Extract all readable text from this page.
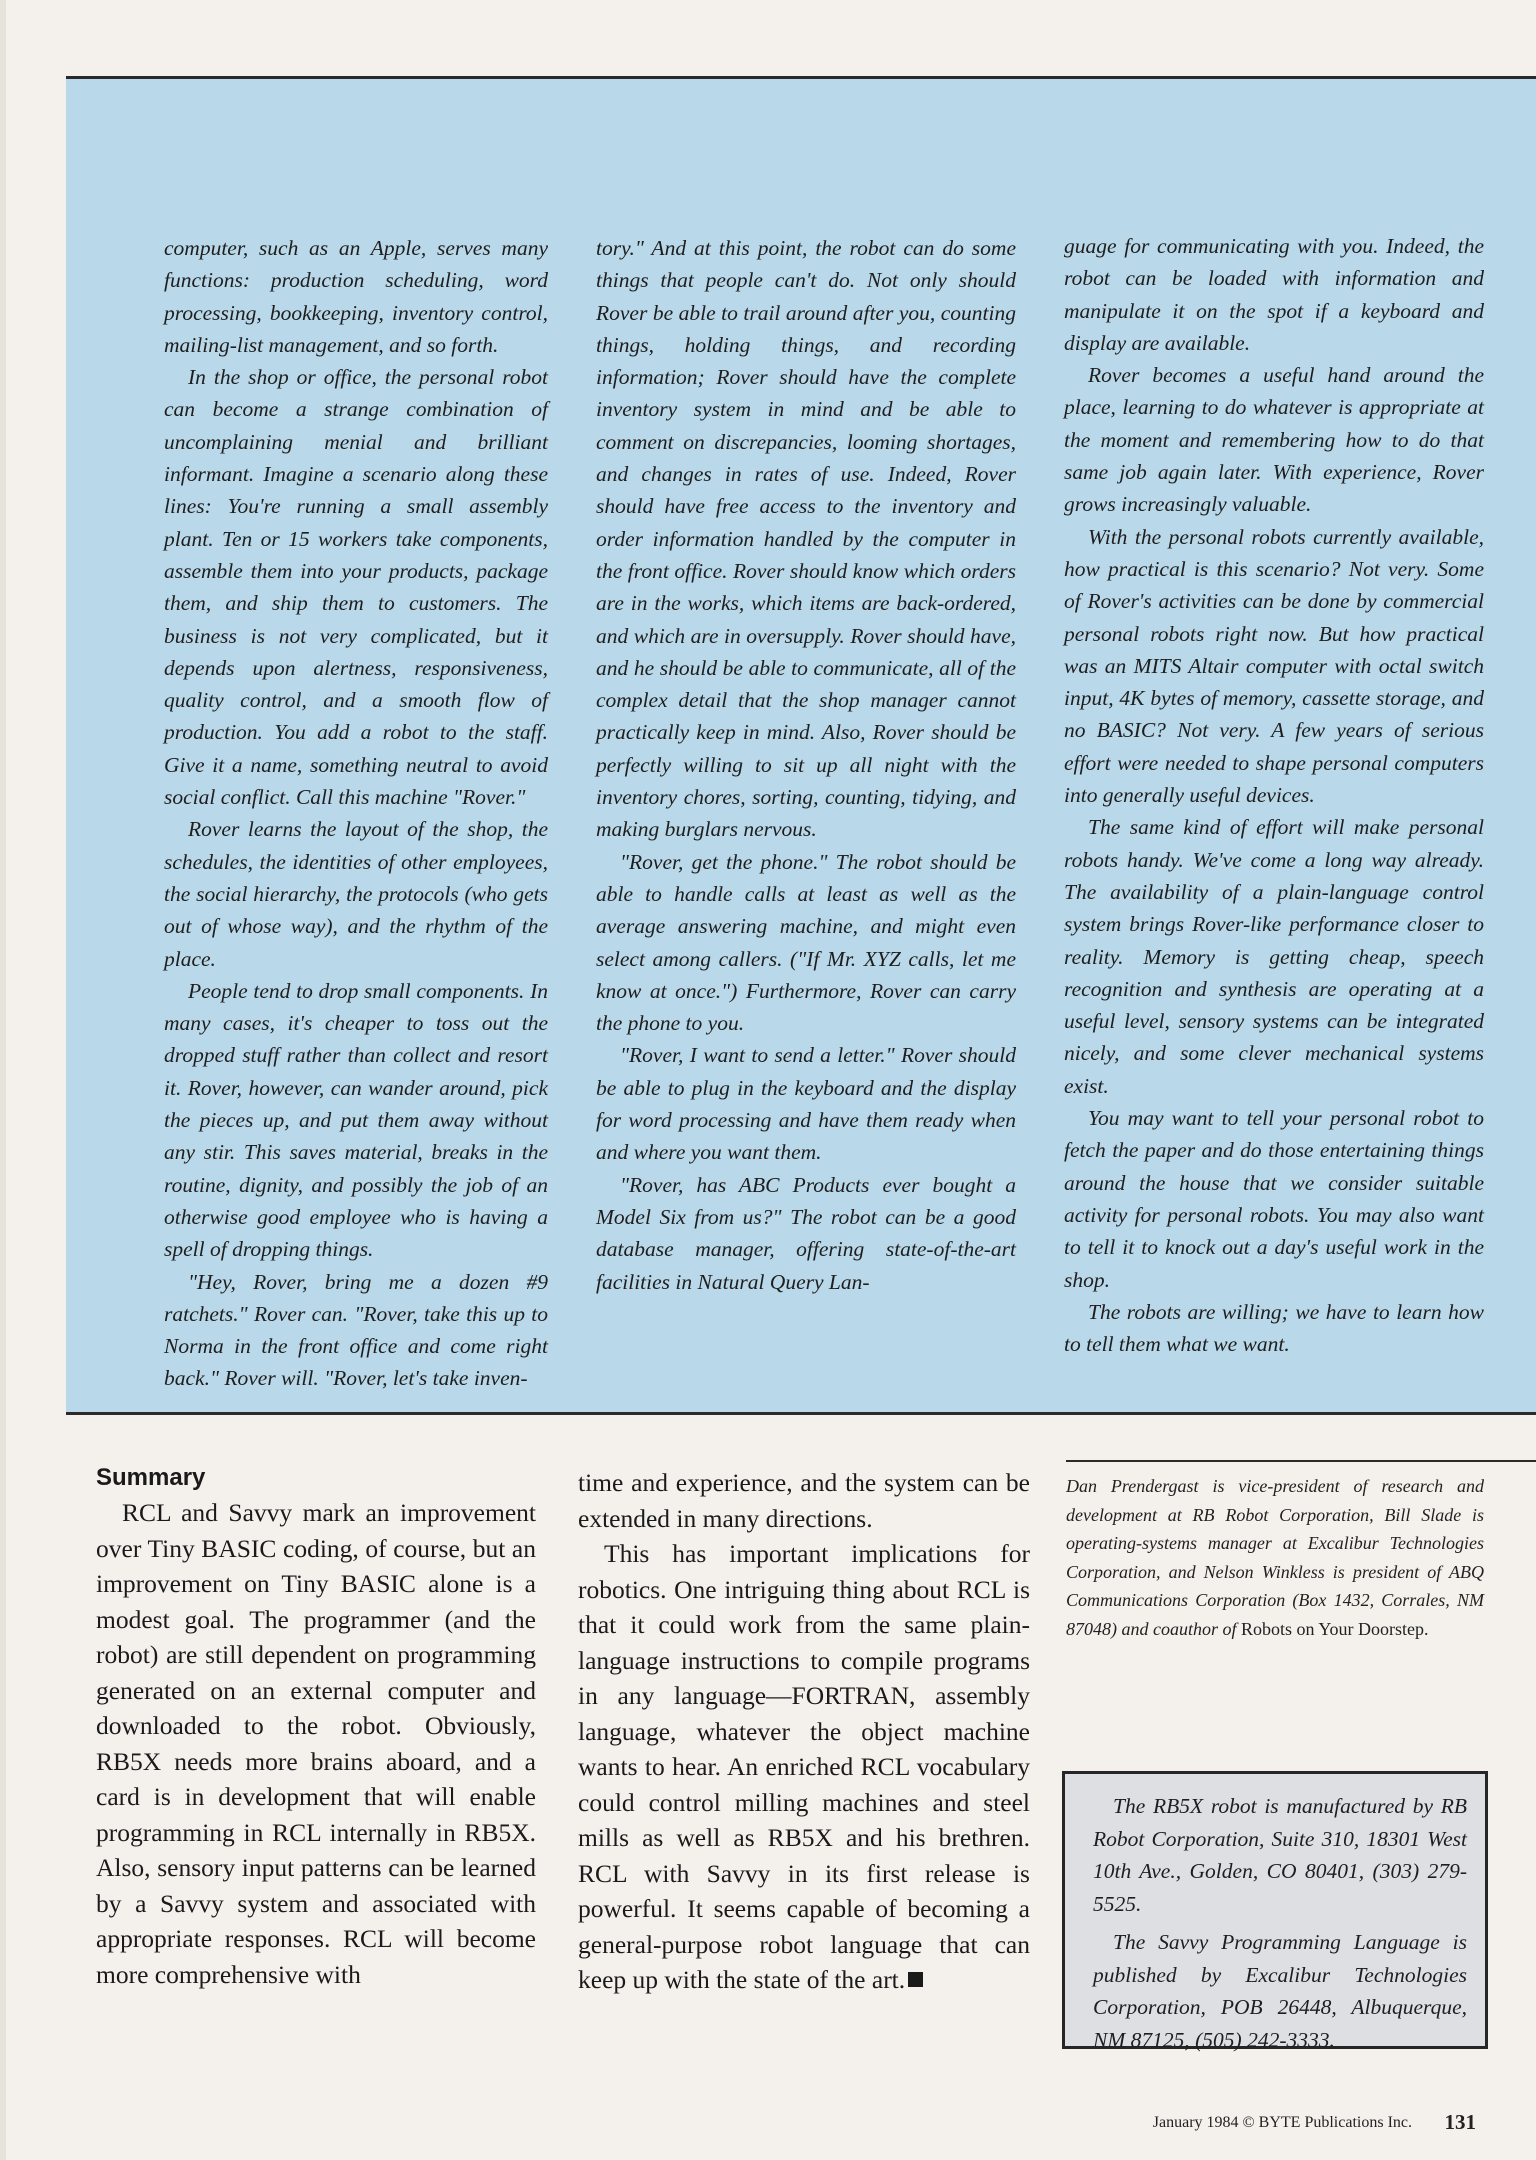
computer, such as an Apple, serves many functions: production scheduling, word processing, bookkeeping, inventory control, mailing-list management, and so forth.

In the shop or office, the personal robot can become a strange combination of uncomplaining menial and brilliant informant. Imagine a scenario along these lines: You're running a small assembly plant. Ten or 15 workers take components, assemble them into your products, package them, and ship them to customers. The business is not very complicated, but it depends upon alertness, responsiveness, quality control, and a smooth flow of production. You add a robot to the staff. Give it a name, something neutral to avoid social conflict. Call this machine "Rover."

Rover learns the layout of the shop, the schedules, the identities of other employees, the social hierarchy, the protocols (who gets out of whose way), and the rhythm of the place.

People tend to drop small components. In many cases, it's cheaper to toss out the dropped stuff rather than collect and resort it. Rover, however, can wander around, pick the pieces up, and put them away without any stir. This saves material, breaks in the routine, dignity, and possibly the job of an otherwise good employee who is having a spell of dropping things.

"Hey, Rover, bring me a dozen #9 ratchets." Rover can. "Rover, take this up to Norma in the front office and come right back." Rover will. "Rover, let's take inven-

tory." And at this point, the robot can do some things that people can't do. Not only should Rover be able to trail around after you, counting things, holding things, and recording information; Rover should have the complete inventory system in mind and be able to comment on discrepancies, looming shortages, and changes in rates of use. Indeed, Rover should have free access to the inventory and order information handled by the computer in the front office. Rover should know which orders are in the works, which items are back-ordered, and which are in oversupply. Rover should have, and he should be able to communicate, all of the complex detail that the shop manager cannot practically keep in mind. Also, Rover should be perfectly willing to sit up all night with the inventory chores, sorting, counting, tidying, and making burglars nervous.

"Rover, get the phone." The robot should be able to handle calls at least as well as the average answering machine, and might even select among callers. ("If Mr. XYZ calls, let me know at once.") Furthermore, Rover can carry the phone to you.

"Rover, I want to send a letter." Rover should be able to plug in the keyboard and the display for word processing and have them ready when and where you want them.

"Rover, has ABC Products ever bought a Model Six from us?" The robot can be a good database manager, offering state-of-the-art facilities in Natural Query Lan-

guage for communicating with you. Indeed, the robot can be loaded with information and manipulate it on the spot if a keyboard and display are available.

Rover becomes a useful hand around the place, learning to do whatever is appropriate at the moment and remembering how to do that same job again later. With experience, Rover grows increasingly valuable.

With the personal robots currently available, how practical is this scenario? Not very. Some of Rover's activities can be done by commercial personal robots right now. But how practical was an MITS Altair computer with octal switch input, 4K bytes of memory, cassette storage, and no BASIC? Not very. A few years of serious effort were needed to shape personal computers into generally useful devices.

The same kind of effort will make personal robots handy. We've come a long way already. The availability of a plain-language control system brings Rover-like performance closer to reality. Memory is getting cheap, speech recognition and synthesis are operating at a useful level, sensory systems can be integrated nicely, and some clever mechanical systems exist.

You may want to tell your personal robot to fetch the paper and do those entertaining things around the house that we consider suitable activity for personal robots. You may also want to tell it to knock out a day's useful work in the shop.

The robots are willing; we have to learn how to tell them what we want.

Summary

RCL and Savvy mark an improvement over Tiny BASIC coding, of course, but an improvement on Tiny BASIC alone is a modest goal. The programmer (and the robot) are still dependent on programming generated on an external computer and downloaded to the robot. Obviously, RB5X needs more brains aboard, and a card is in development that will enable programming in RCL internally in RB5X. Also, sensory input patterns can be learned by a Savvy system and associated with appropriate responses. RCL will become more comprehensive with

time and experience, and the system can be extended in many directions.

This has important implications for robotics. One intriguing thing about RCL is that it could work from the same plain-language instructions to compile programs in any language—FORTRAN, assembly language, whatever the object machine wants to hear. An enriched RCL vocabulary could control milling machines and steel mills as well as RB5X and his brethren. RCL with Savvy in its first release is powerful. It seems capable of becoming a general-purpose robot language that can keep up with the state of the art.

Dan Prendergast is vice-president of research and development at RB Robot Corporation, Bill Slade is operating-systems manager at Excalibur Technologies Corporation, and Nelson Winkless is president of ABQ Communications Corporation (Box 1432, Corrales, NM 87048) and coauthor of Robots on Your Doorstep.

The RB5X robot is manufactured by RB Robot Corporation, Suite 310, 18301 West 10th Ave., Golden, CO 80401, (303) 279-5525.

The Savvy Programming Language is published by Excalibur Technologies Corporation, POB 26448, Albuquerque, NM 87125, (505) 242-3333.

January 1984 © BYTE Publications Inc. 131
